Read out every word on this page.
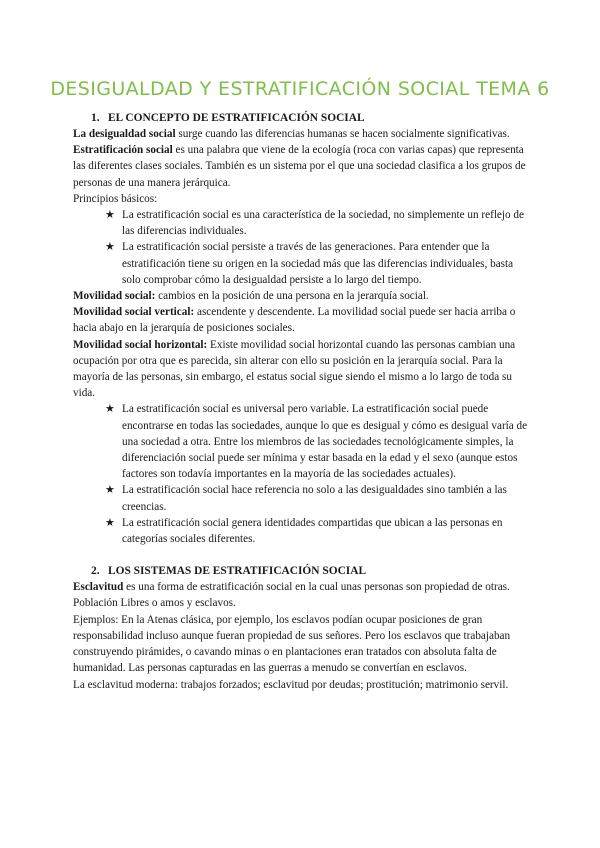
DESIGUALDAD Y ESTRATIFICACIÓN SOCIAL TEMA 6
1. EL CONCEPTO DE ESTRATIFICACIÓN SOCIAL

La desigualdad social surge cuando las diferencias humanas se hacen socialmente significativas.

Estratificación social es una palabra que viene de la ecología (roca con varias capas) que representa las diferentes clases sociales. También es un sistema por el que una sociedad clasifica a los grupos de personas de una manera jerárquica.

Principios básicos:

★ La estratificación social es una característica de la sociedad, no simplemente un reflejo de las diferencias individuales.
★ La estratificación social persiste a través de las generaciones. Para entender que la estratificación tiene su origen en la sociedad más que las diferencias individuales, basta solo comprobar cómo la desigualdad persiste a lo largo del tiempo.

Movilidad social: cambios en la posición de una persona en la jerarquía social.

Movilidad social vertical: ascendente y descendente. La movilidad social puede ser hacia arriba o hacia abajo en la jerarquía de posiciones sociales.

Movilidad social horizontal: Existe movilidad social horizontal cuando las personas cambian una ocupación por otra que es parecida, sin alterar con ello su posición en la jerarquía social. Para la mayoría de las personas, sin embargo, el estatus social sigue siendo el mismo a lo largo de toda su vida.

★ La estratificación social es universal pero variable. La estratificación social puede encontrarse en todas las sociedades, aunque lo que es desigual y cómo es desigual varía de una sociedad a otra. Entre los miembros de las sociedades tecnológicamente simples, la diferenciación social puede ser mínima y estar basada en la edad y el sexo (aunque estos factores son todavía importantes en la mayoría de las sociedades actuales).
★ La estratificación social hace referencia no solo a las desigualdades sino también a las creencias.
★ La estratificación social genera identidades compartidas que ubican a las personas en categorías sociales diferentes.
2. LOS SISTEMAS DE ESTRATIFICACIÓN SOCIAL

Esclavitud es una forma de estratificación social en la cual unas personas son propiedad de otras.

Población Libres o amos y esclavos.

Ejemplos: En la Atenas clásica, por ejemplo, los esclavos podían ocupar posiciones de gran responsabilidad incluso aunque fueran propiedad de sus señores. Pero los esclavos que trabajaban construyendo pirámides, o cavando minas o en plantaciones eran tratados con absoluta falta de humanidad. Las personas capturadas en las guerras a menudo se convertían en esclavos.

La esclavitud moderna: trabajos forzados; esclavitud por deudas; prostitución; matrimonio servil.
